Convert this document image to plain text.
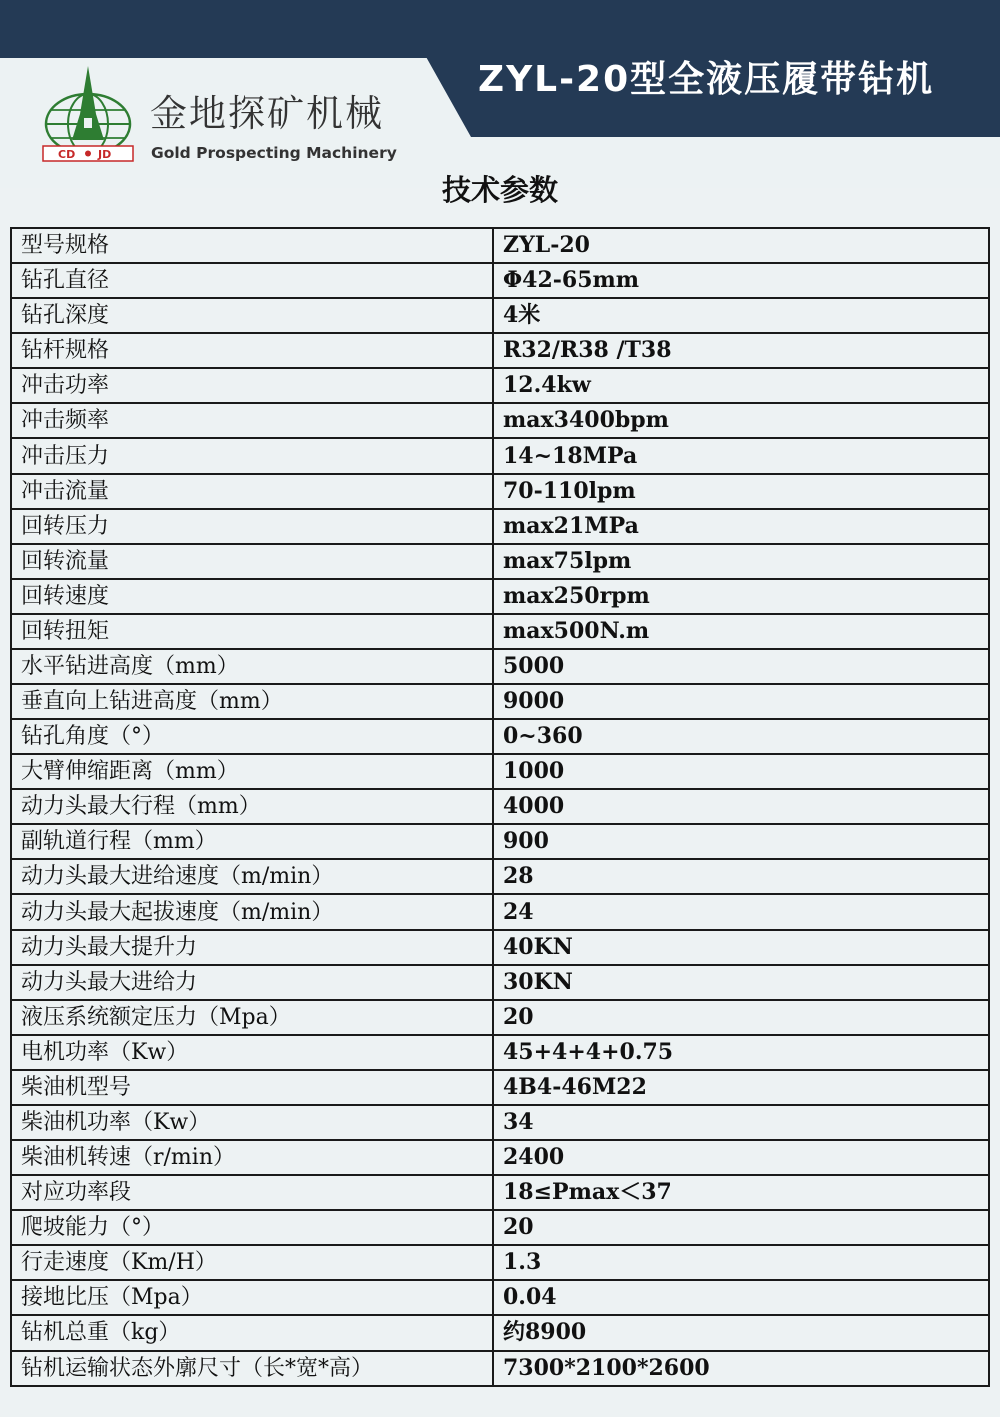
ZYL-20型全液压履带钻机
CD JD
金地探矿机械
Gold Prospecting Machinery
技术参数
型号规格	ZYL-20
钻孔直径	Φ42-65mm
钻孔深度	4米
钻杆规格	R32/R38 /T38
冲击功率	12.4kw
冲击频率	max3400bpm
冲击压力	14~18MPa
冲击流量	70-110lpm
回转压力	max21MPa
回转流量	max75lpm
回转速度	max250rpm
回转扭矩	max500N.m
水平钻进高度（mm）	5000
垂直向上钻进高度（mm）	9000
钻孔角度（°）	0~360
大臂伸缩距离（mm）	1000
动力头最大行程（mm）	4000
副轨道行程（mm）	900
动力头最大进给速度（m/min）	28
动力头最大起拔速度（m/min）	24
动力头最大提升力	40KN
动力头最大进给力	30KN
液压系统额定压力（Mpa）	20
电机功率（Kw）	45+4+4+0.75
柴油机型号	4B4-46M22
柴油机功率（Kw）	34
柴油机转速（r/min）	2400
对应功率段	18≤Pmax＜37
爬坡能力（°）	20
行走速度（Km/H）	1.3
接地比压（Mpa）	0.04
钻机总重（kg）	约8900
钻机运输状态外廓尺寸（长*宽*高）	7300*2100*2600
